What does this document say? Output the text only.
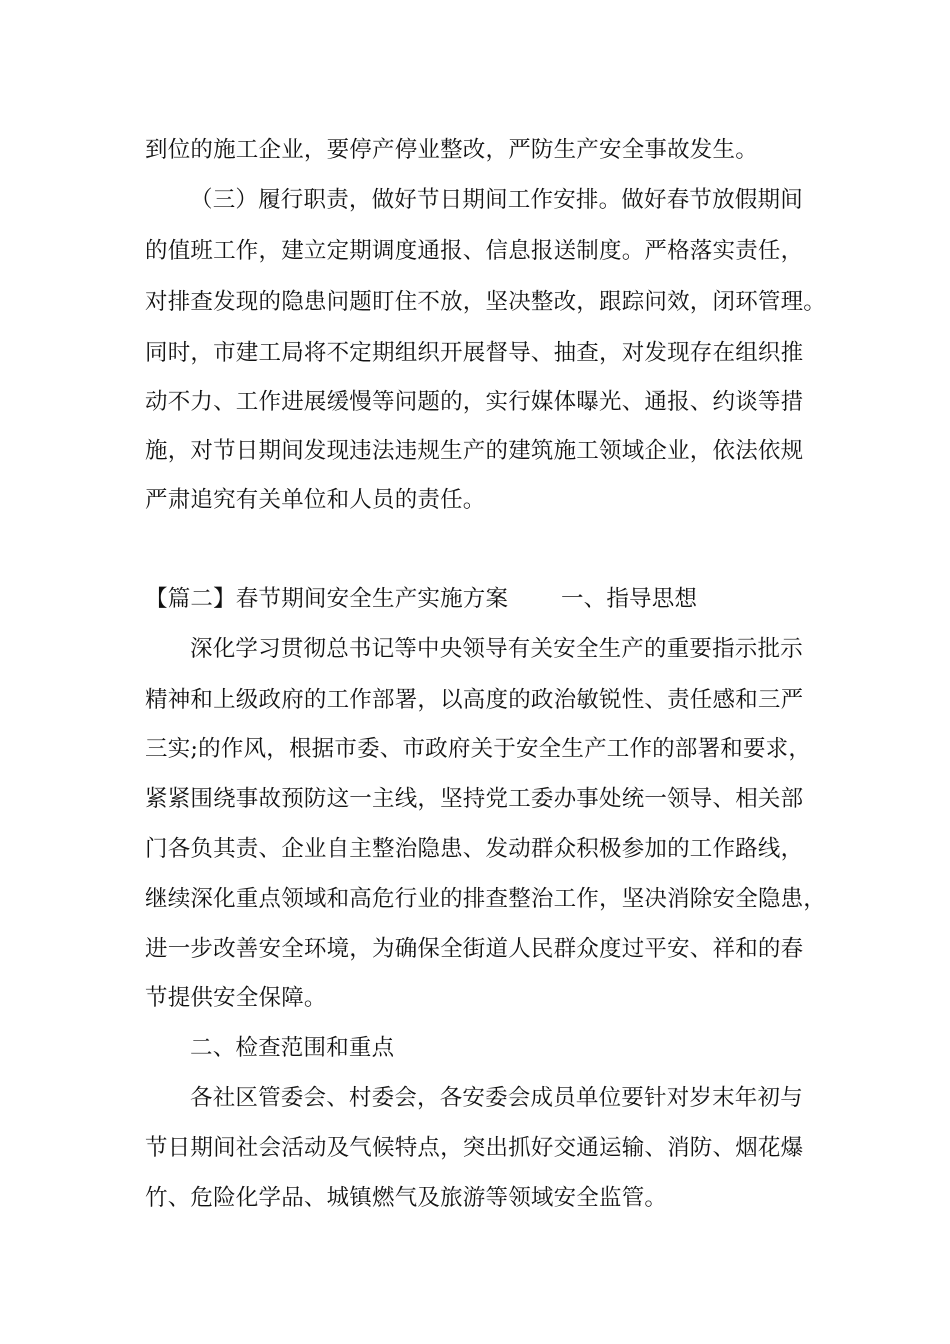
到位的施工企业，要停产停业整改，严防生产安全事故发生。
（三）履行职责，做好节日期间工作安排。做好春节放假期间
的值班工作，建立定期调度通报、信息报送制度。严格落实责任，
对排查发现的隐患问题盯住不放，坚决整改，跟踪问效，闭环管理。
同时，市建工局将不定期组织开展督导、抽查，对发现存在组织推
动不力、工作进展缓慢等问题的，实行媒体曝光、通报、约谈等措
施，对节日期间发现违法违规生产的建筑施工领域企业，依法依规
严肃追究有关单位和人员的责任。
【篇二】春节期间安全生产实施方案　　 一、指导思想
深化学习贯彻总书记等中央领导有关安全生产的重要指示批示
精神和上级政府的工作部署，以高度的政治敏锐性、责任感和三严
三实;的作风，根据市委、市政府关于安全生产工作的部署和要求，
紧紧围绕事故预防这一主线，坚持党工委办事处统一领导、相关部
门各负其责、企业自主整治隐患、发动群众积极参加的工作路线，
继续深化重点领域和高危行业的排查整治工作，坚决消除安全隐患，
进一步改善安全环境，为确保全街道人民群众度过平安、祥和的春
节提供安全保障。
二、检查范围和重点
各社区管委会、村委会，各安委会成员单位要针对岁末年初与
节日期间社会活动及气候特点，突出抓好交通运输、消防、烟花爆
竹、危险化学品、城镇燃气及旅游等领域安全监管。
